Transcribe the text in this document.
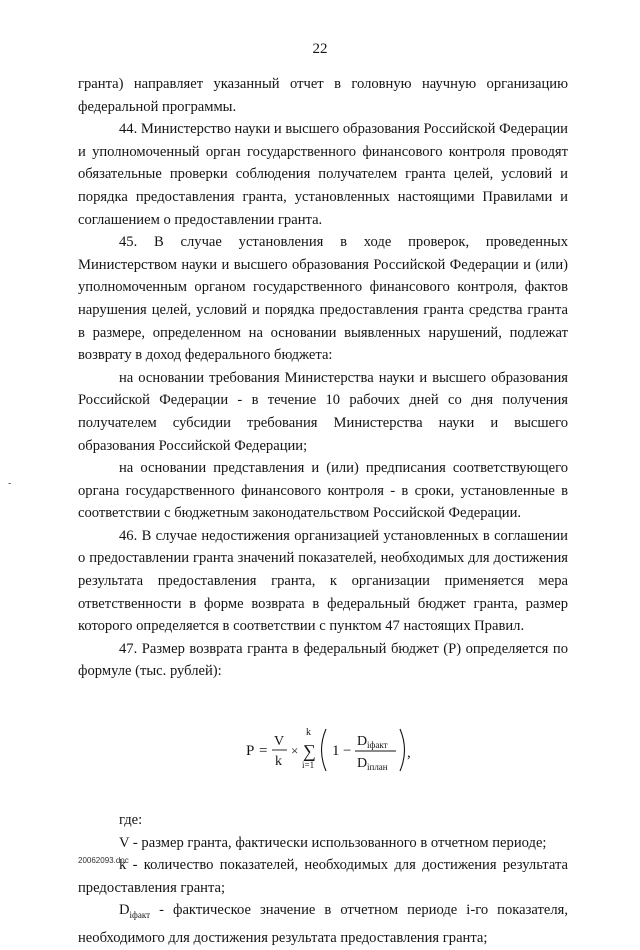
22

гранта) направляет указанный отчет в головную научную организацию федеральной программы.

44. Министерство науки и высшего образования Российской Федерации и уполномоченный орган государственного финансового контроля проводят обязательные проверки соблюдения получателем гранта целей, условий и порядка предоставления гранта, установленных настоящими Правилами и соглашением о предоставлении гранта.

45. В случае установления в ходе проверок, проведенных Министерством науки и высшего образования Российской Федерации и (или) уполномоченным органом государственного финансового контроля, фактов нарушения целей, условий и порядка предоставления гранта средства гранта в размере, определенном на основании выявленных нарушений, подлежат возврату в доход федерального бюджета:

на основании требования Министерства науки и высшего образования Российской Федерации - в течение 10 рабочих дней со дня получения получателем субсидии требования Министерства науки и высшего образования Российской Федерации;

на основании представления и (или) предписания соответствующего органа государственного финансового контроля - в сроки, установленные в соответствии с бюджетным законодательством Российской Федерации.

46. В случае недостижения организацией установленных в соглашении о предоставлении гранта значений показателей, необходимых для достижения результата предоставления гранта, к организации применяется мера ответственности в форме возврата в федеральный бюджет гранта, размер которого определяется в соответствии с пунктом 47 настоящих Правил.

47. Размер возврата гранта в федеральный бюджет (P) определяется по формуле (тыс. рублей):

P =
V
k
×
k
∑
i=1
1 −
D iфакт
D iплан
,

где:

V - размер гранта, фактически использованного в отчетном периоде;

k - количество показателей, необходимых для достижения результата предоставления гранта;

$D_{iфакт}$ - фактическое значение в отчетном периоде i-го показателя, необходимого для достижения результата предоставления гранта;

-
20062093.doc
